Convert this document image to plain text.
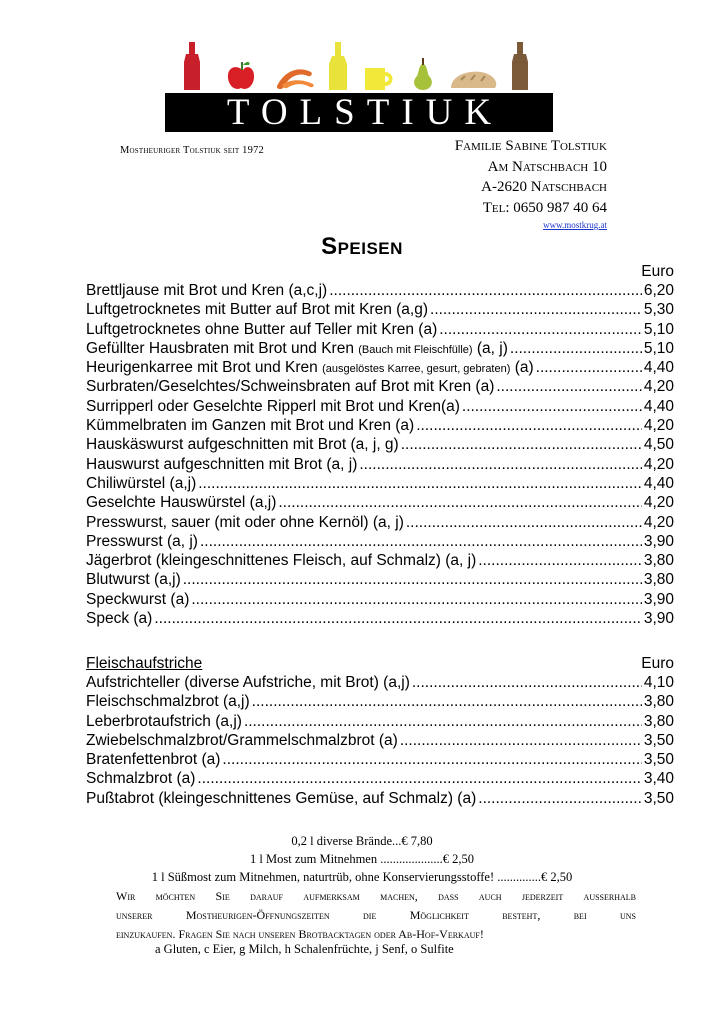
TOLSTIUK
Mostheuriger Tolstiuk seit 1972	Familie Sabine Tolstiuk
Am Natschbach 10
A-2620 Natschbach
Tel: 0650 987 40 64
www.mostkrug.at
Speisen
Euro
Brettljause mit Brot und Kren (a,c,j) .....	6,20
Luftgetrocknetes mit Butter auf Brot mit Kren (a,g) .....	5,30
Luftgetrocknetes ohne Butter auf Teller mit Kren (a) .....	5,10
Gefüllter Hausbraten mit Brot und Kren (Bauch mit Fleischfülle) (a, j) .....	5,10
Heurigenkarree mit Brot und Kren (ausgelöstes Karree, gesurt, gebraten) (a) .....	4,40
Surbraten/Geselchtes/Schweinsbraten auf Brot mit Kren (a) .....	4,20
Surripperl oder Geselchte Ripperl mit Brot und Kren(a) .....	4,40
Kümmelbraten im Ganzen mit Brot und Kren (a) .....	4,20
Hauskäswurst aufgeschnitten mit Brot (a, j, g) .....	4,50
Hauswurst aufgeschnitten mit Brot (a, j) .....	4,20
Chiliwürstel (a,j) .....	4,40
Geselchte Hauswürstel (a,j) .....	4,20
Presswurst, sauer (mit oder ohne Kernöl) (a, j) .....	4,20
Presswurst (a, j) .....	3,90
Jägerbrot (kleingeschnittenes Fleisch, auf Schmalz) (a, j) .....	3,80
Blutwurst (a,j) .....	3,80
Speckwurst (a) .....	3,90
Speck (a) .....	3,90
Fleischaufstriche	Euro
Aufstrichteller (diverse Aufstriche, mit Brot) (a,j) .....	4,10
Fleischschmalzbrot (a,j) .....	3,80
Leberbrotaufstrich (a,j) .....	3,80
Zwiebelschmalzbrot/Grammelschmalzbrot (a) .....	3,50
Bratenfettenbrot (a) .....	3,50
Schmalzbrot (a) .....	3,40
Pußtabrot (kleingeschnittenes Gemüse, auf Schmalz) (a) .....	3,50
0,2 l diverse Brände...€ 7,80
1 l Most zum Mitnehmen ....................€ 2,50
1 l Süßmost zum Mitnehmen, naturtrüb, ohne Konservierungsstoffe! ..............€ 2,50
Wir möchten Sie darauf aufmerksam machen, dass auch jederzeit ausserhalb
unserer Mostheurigen-Öffnungszeiten die Möglichkeit besteht, bei uns
einzukaufen. Fragen Sie nach unseren Brotbacktagen oder Ab-Hof-Verkauf!
a Gluten, c Eier, g Milch, h Schalenfrüchte, j Senf, o Sulfite
